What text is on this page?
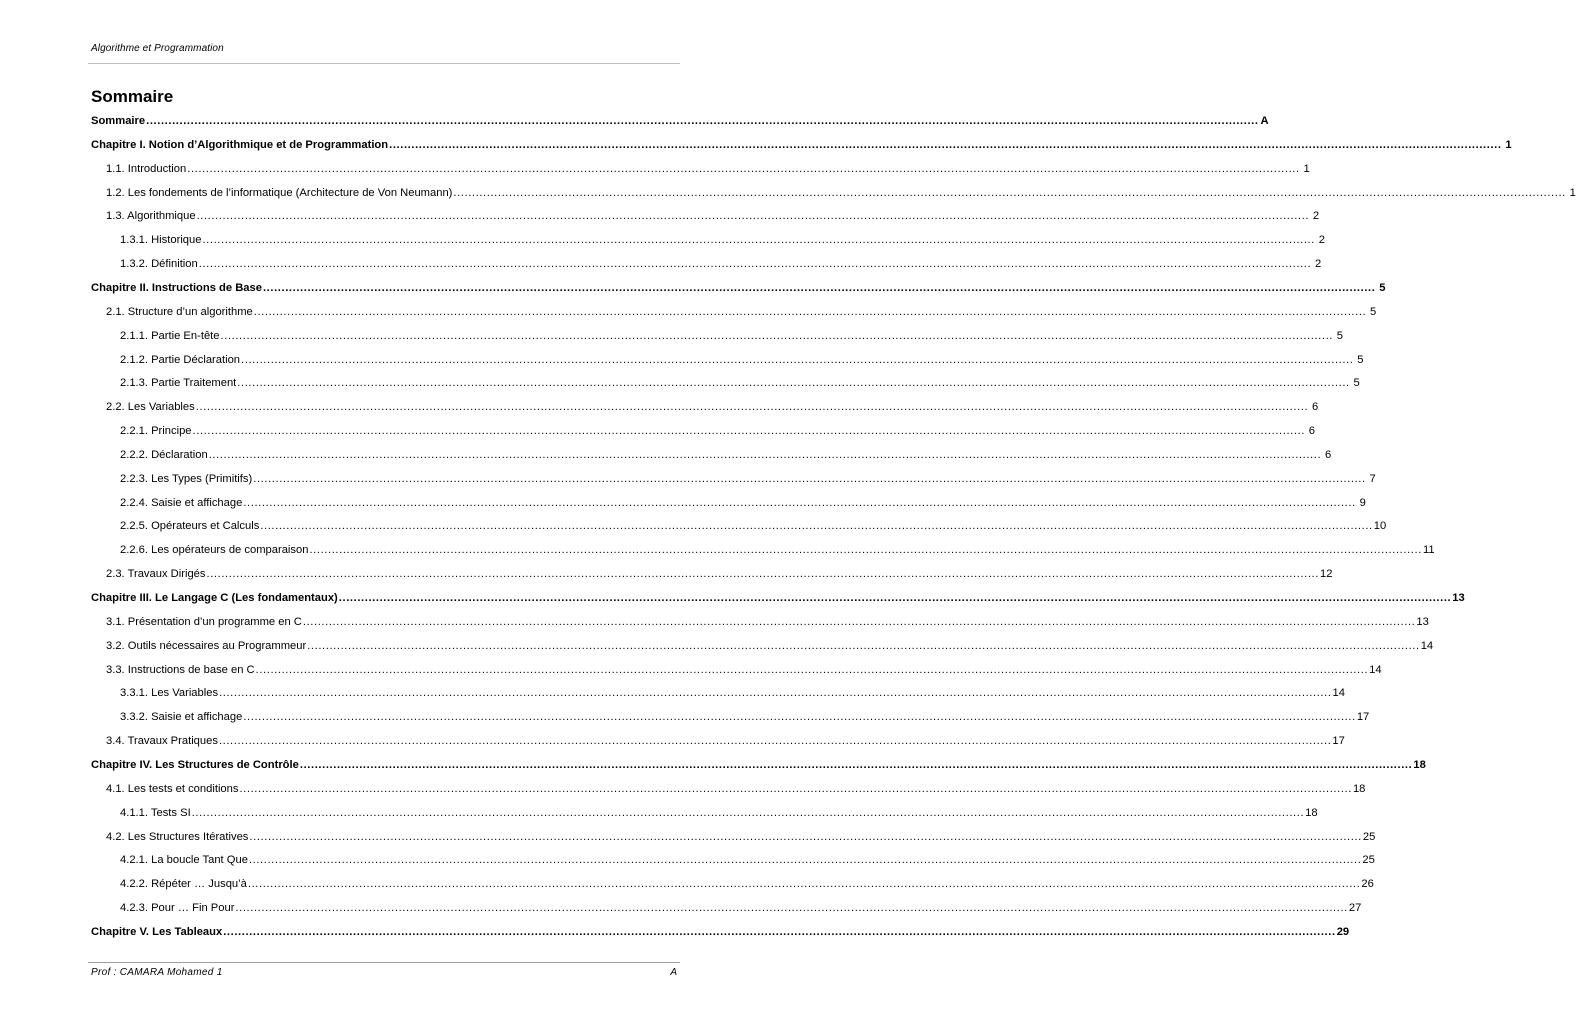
Algorithme et Programmation
Sommaire
Sommaire ............................................................................................................................................................................................................................................................................................................ A
Chapitre I. Notion d’Algorithmique et de Programmation ............................................................................................................................................................................................................................................................................................................ 1
1.1. Introduction ............................................................................................................................................................................................................................................................................................................ 1
1.2. Les fondements de l’informatique (Architecture de Von Neumann) ............................................................................................................................................................................................................................................................................................................ 1
1.3. Algorithmique ............................................................................................................................................................................................................................................................................................................ 2
1.3.1. Historique ............................................................................................................................................................................................................................................................................................................ 2
1.3.2. Définition ............................................................................................................................................................................................................................................................................................................ 2
Chapitre II. Instructions de Base ............................................................................................................................................................................................................................................................................................................ 5
2.1. Structure d’un algorithme ............................................................................................................................................................................................................................................................................................................ 5
2.1.1. Partie En-tête ............................................................................................................................................................................................................................................................................................................ 5
2.1.2. Partie Déclaration ............................................................................................................................................................................................................................................................................................................ 5
2.1.3. Partie Traitement ............................................................................................................................................................................................................................................................................................................ 5
2.2. Les Variables ............................................................................................................................................................................................................................................................................................................ 6
2.2.1. Principe ............................................................................................................................................................................................................................................................................................................ 6
2.2.2. Déclaration ............................................................................................................................................................................................................................................................................................................ 6
2.2.3. Les Types (Primitifs) ............................................................................................................................................................................................................................................................................................................ 7
2.2.4. Saisie et affichage ............................................................................................................................................................................................................................................................................................................ 9
2.2.5. Opérateurs et Calculs ............................................................................................................................................................................................................................................................................................................ 10
2.2.6. Les opérateurs de comparaison ............................................................................................................................................................................................................................................................................................................ 11
2.3. Travaux Dirigés ............................................................................................................................................................................................................................................................................................................ 12
Chapitre III. Le Langage C (Les fondamentaux) ............................................................................................................................................................................................................................................................................................................ 13
3.1. Présentation d’un programme en C ............................................................................................................................................................................................................................................................................................................ 13
3.2. Outils nécessaires au Programmeur ............................................................................................................................................................................................................................................................................................................ 14
3.3. Instructions de base en C ............................................................................................................................................................................................................................................................................................................ 14
3.3.1. Les Variables ............................................................................................................................................................................................................................................................................................................ 14
3.3.2. Saisie et affichage ............................................................................................................................................................................................................................................................................................................ 17
3.4. Travaux Pratiques ............................................................................................................................................................................................................................................................................................................ 17
Chapitre IV. Les Structures de Contrôle ............................................................................................................................................................................................................................................................................................................ 18
4.1. Les tests et conditions ............................................................................................................................................................................................................................................................................................................ 18
4.1.1. Tests SI ............................................................................................................................................................................................................................................................................................................ 18
4.2. Les Structures Itératives ............................................................................................................................................................................................................................................................................................................ 25
4.2.1. La boucle Tant Que ............................................................................................................................................................................................................................................................................................................ 25
4.2.2. Répéter … Jusqu’à ............................................................................................................................................................................................................................................................................................................ 26
4.2.3. Pour … Fin Pour ............................................................................................................................................................................................................................................................................................................ 27
Chapitre V. Les Tableaux ............................................................................................................................................................................................................................................................................................................ 29
Prof : CAMARA Mohamed 1	A
